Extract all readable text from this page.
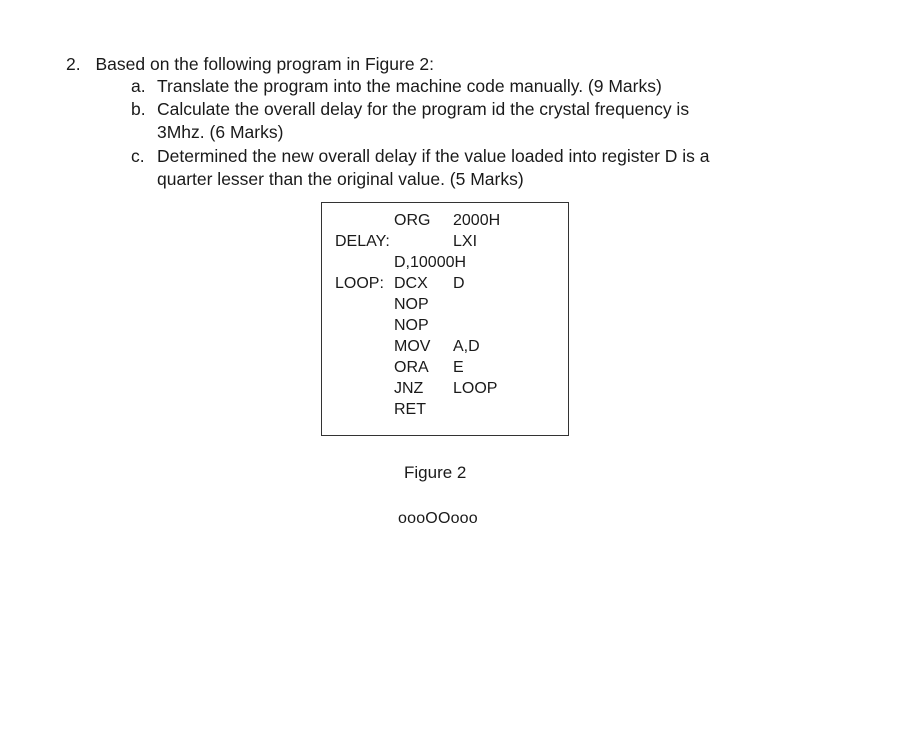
2. Based on the following program in Figure 2:
a. Translate the program into the machine code manually. (9 Marks)
b. Calculate the overall delay for the program id the crystal frequency is
3Mhz. (6 Marks)
c. Determined the new overall delay if the value loaded into register D is a
quarter lesser than the original value. (5 Marks)
ORG 2000H
DELAY:	LXI
D,10000H
LOOP: DCX D
NOP
NOP
MOV A,D
ORA E
JNZ LOOP
RET
Figure 2
oooOOooo
